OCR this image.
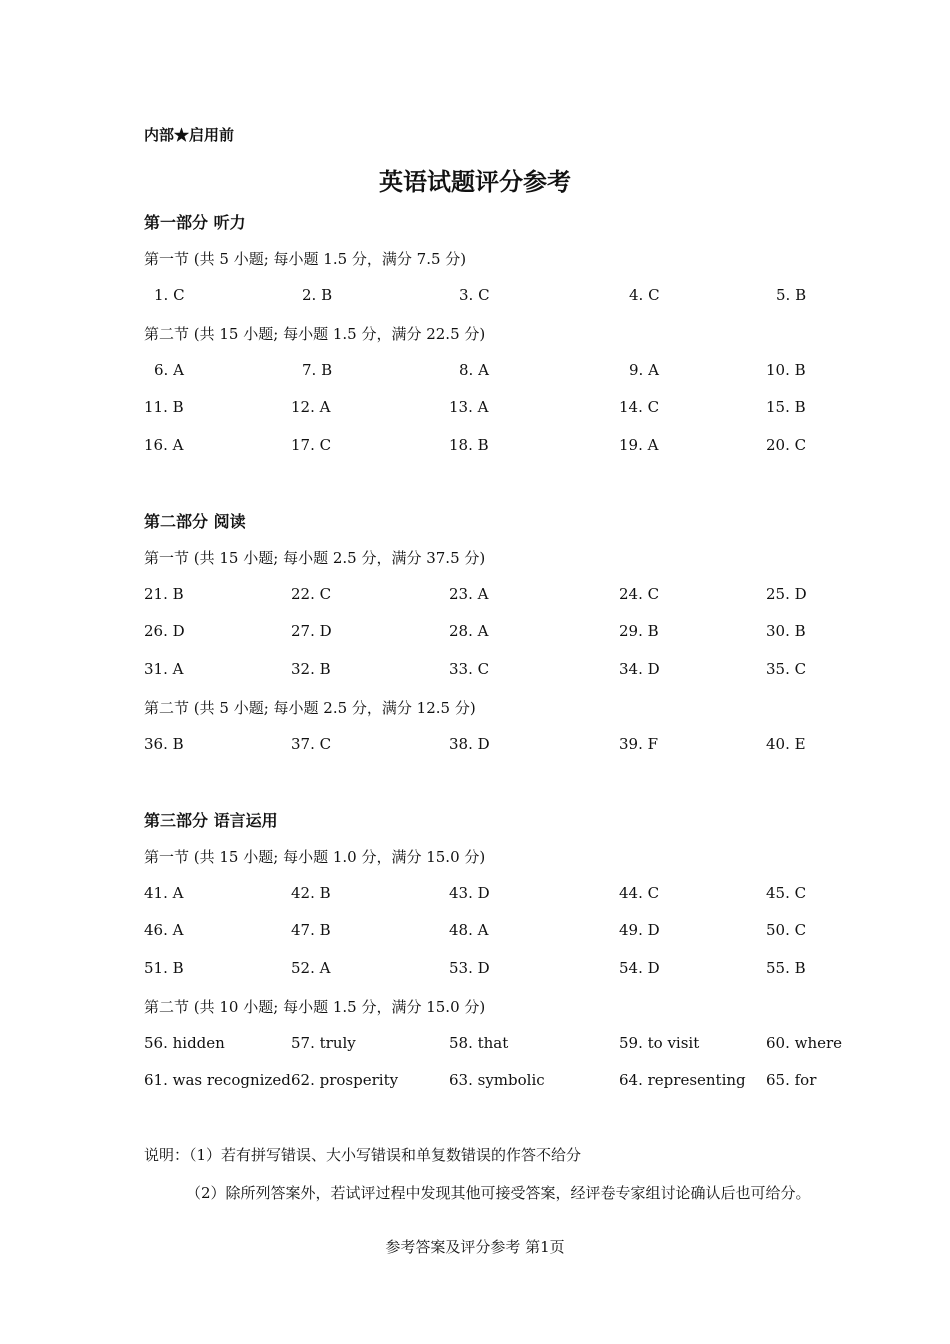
内部★启用前
英语试题评分参考
第一部分 听力
第一节 (共 5 小题; 每小题 1.5 分，满分 7.5 分)
1. C	2. B	3. C	4. C	5. B
第二节 (共 15 小题; 每小题 1.5 分，满分 22.5 分)
6. A	7. B	8. A	9. A	10. B
11. B	12. A	13. A	14. C	15. B
16. A	17. C	18. B	19. A	20. C
第二部分 阅读
第一节 (共 15 小题; 每小题 2.5 分，满分 37.5 分)
21. B	22. C	23. A	24. C	25. D
26. D	27. D	28. A	29. B	30. B
31. A	32. B	33. C	34. D	35. C
第二节 (共 5 小题; 每小题 2.5 分，满分 12.5 分)
36. B	37. C	38. D	39. F	40. E
第三部分 语言运用
第一节 (共 15 小题; 每小题 1.0 分，满分 15.0 分)
41. A	42. B	43. D	44. C	45. C
46. A	47. B	48. A	49. D	50. C
51. B	52. A	53. D	54. D	55. B
第二节 (共 10 小题; 每小题 1.5 分，满分 15.0 分)
56. hidden	57. truly	58. that	59. to visit	60. where
61. was recognized 62. prosperity	63. symbolic	64. representing 65. for
说明：（1）若有拼写错误、大小写错误和单复数错误的作答不给分
（2）除所列答案外，若试评过程中发现其他可接受答案，经评卷专家组讨论确认后也可给分。
参考答案及评分参考 第1页
